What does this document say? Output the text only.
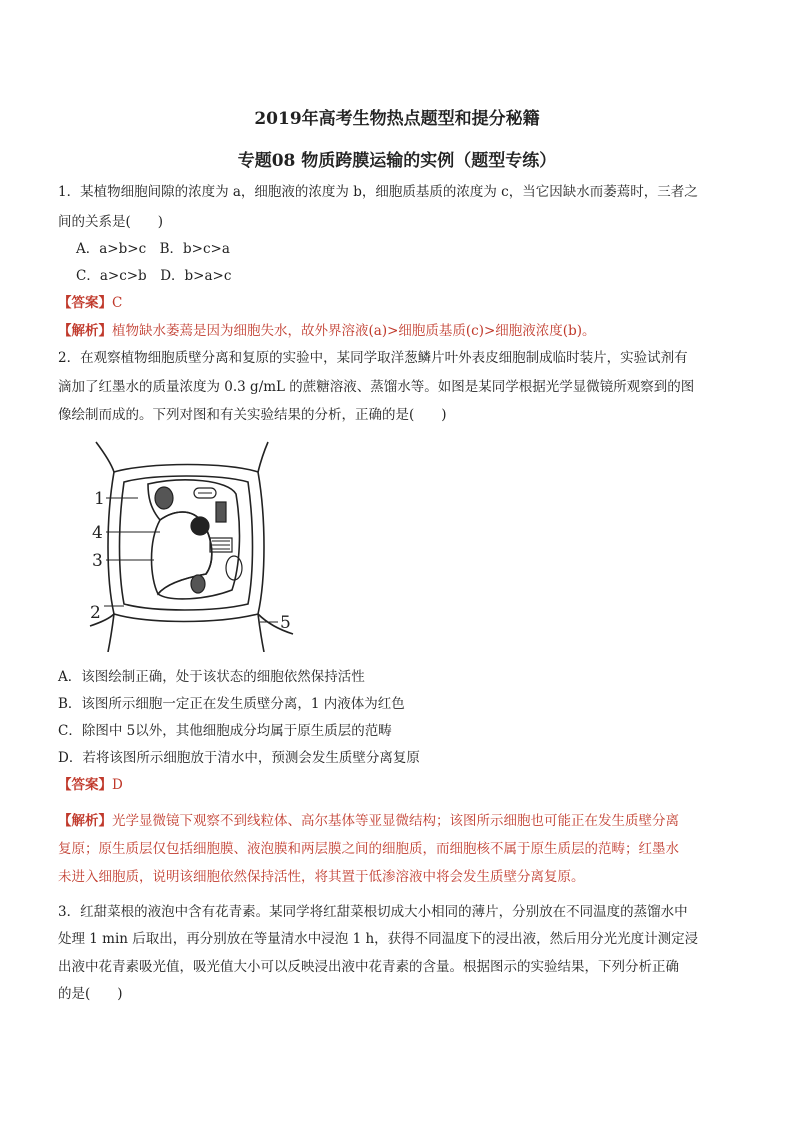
2019年高考生物热点题型和提分秘籍
专题08 物质跨膜运输的实例（题型专练）
1．某植物细胞间隙的浓度为 a，细胞液的浓度为 b，细胞质基质的浓度为 c，当它因缺水而萎蔫时，三者之
间的关系是(　　)
A．a>b>c　B．b>c>a
C．a>c>b　D．b>a>c
【答案】C
【解析】植物缺水萎蔫是因为细胞失水，故外界溶液(a)>细胞质基质(c)>细胞液浓度(b)。
2．在观察植物细胞质壁分离和复原的实验中，某同学取洋葱鳞片叶外表皮细胞制成临时装片，实验试剂有
滴加了红墨水的质量浓度为 0.3 g/mL 的蔗糖溶液、蒸馏水等。如图是某同学根据光学显微镜所观察到的图
像绘制而成的。下列对图和有关实验结果的分析，正确的是(　　)
1
4
3
2	5
A．该图绘制正确，处于该状态的细胞依然保持活性
B．该图所示细胞一定正在发生质壁分离，1 内液体为红色
C．除图中 5以外，其他细胞成分均属于原生质层的范畴
D．若将该图所示细胞放于清水中，预测会发生质壁分离复原
【答案】D
【解析】光学显微镜下观察不到线粒体、高尔基体等亚显微结构；该图所示细胞也可能正在发生质壁分离
复原；原生质层仅包括细胞膜、液泡膜和两层膜之间的细胞质，而细胞核不属于原生质层的范畴；红墨水
未进入细胞质，说明该细胞依然保持活性，将其置于低渗溶液中将会发生质壁分离复原。
3．红甜菜根的液泡中含有花青素。某同学将红甜菜根切成大小相同的薄片，分别放在不同温度的蒸馏水中
处理 1 min 后取出，再分别放在等量清水中浸泡 1 h，获得不同温度下的浸出液，然后用分光光度计测定浸
出液中花青素吸光值，吸光值大小可以反映浸出液中花青素的含量。根据图示的实验结果，下列分析正确
的是(　　)
